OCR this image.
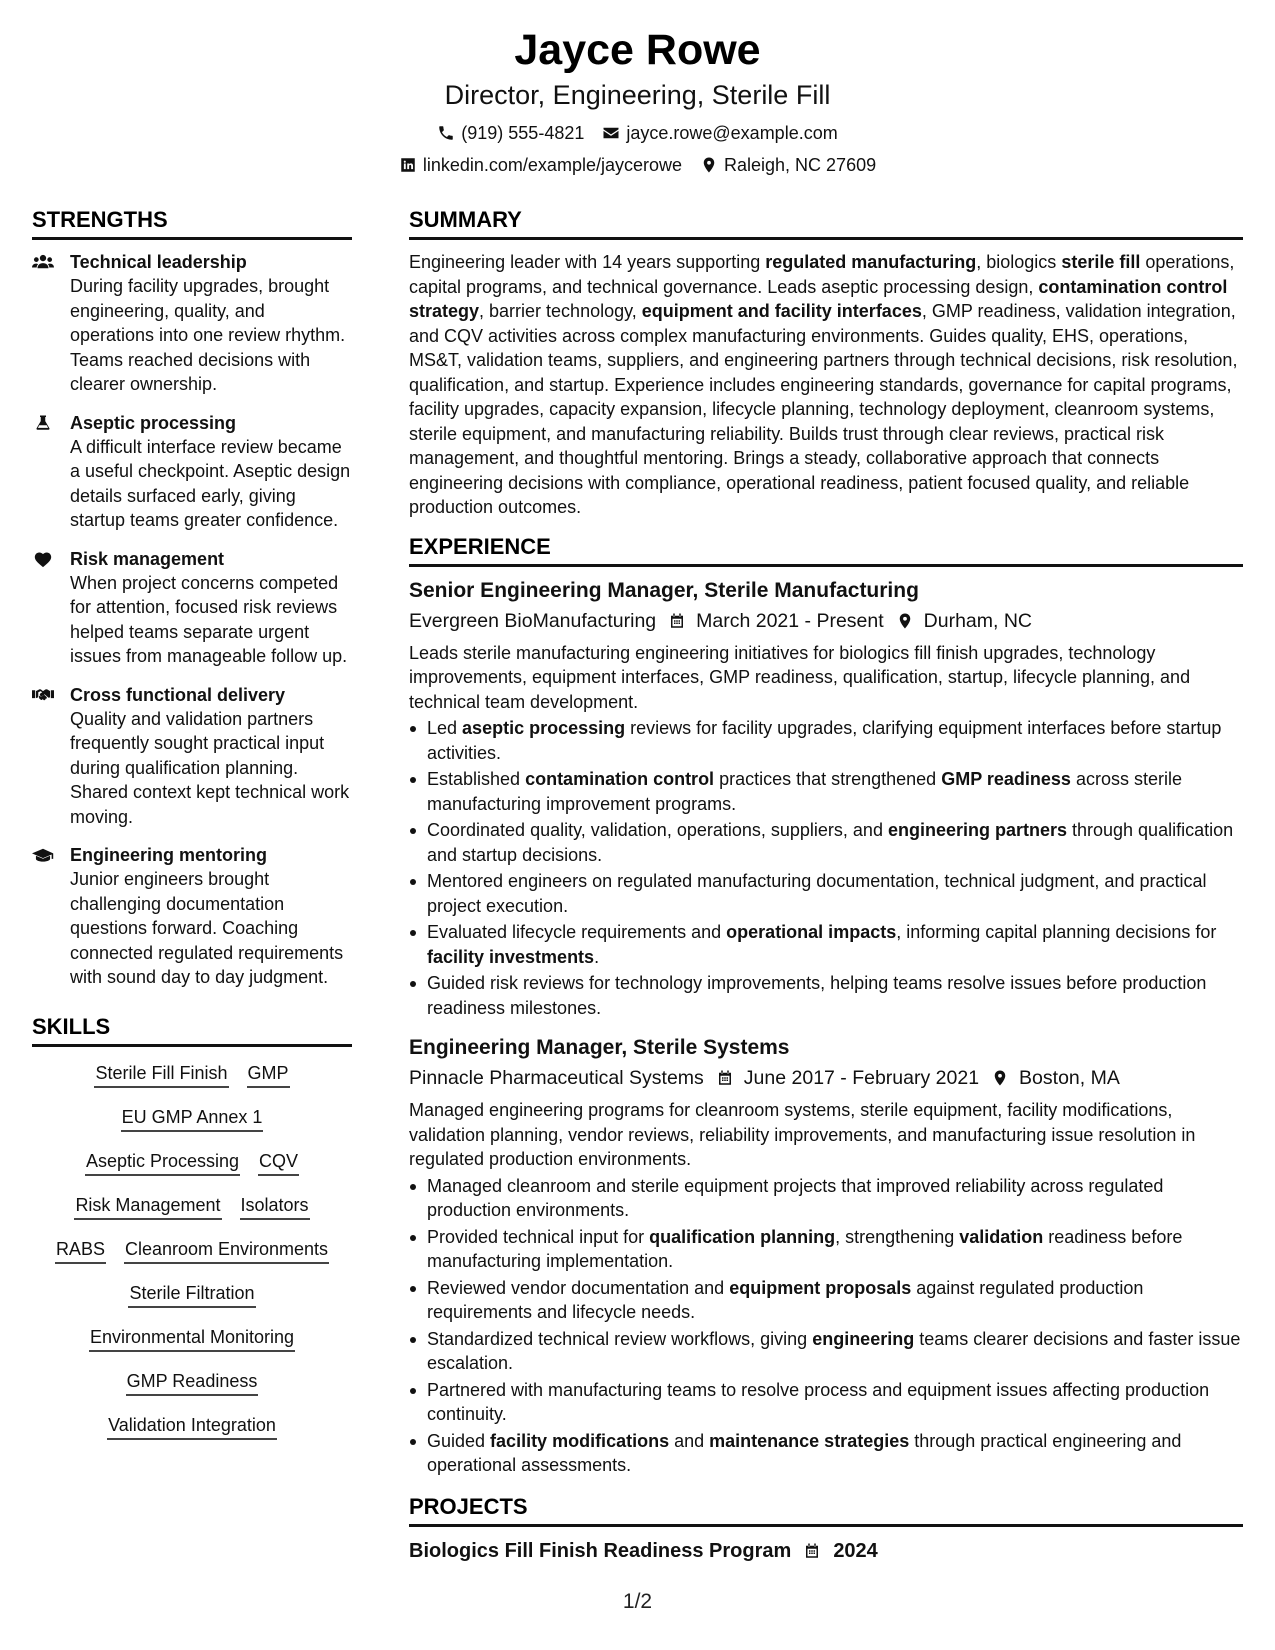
Jayce Rowe
Director, Engineering, Sterile Fill
(919) 555-4821 jayce.rowe@example.com
linkedin.com/example/jaycerowe Raleigh, NC 27609
STRENGTHS
Technical leadership
During facility upgrades, brought engineering, quality, and operations into one review rhythm. Teams reached decisions with clearer ownership.
Aseptic processing
A difficult interface review became a useful checkpoint. Aseptic design details surfaced early, giving startup teams greater confidence.
Risk management
When project concerns competed for attention, focused risk reviews helped teams separate urgent issues from manageable follow up.
Cross functional delivery
Quality and validation partners frequently sought practical input during qualification planning. Shared context kept technical work moving.
Engineering mentoring
Junior engineers brought challenging documentation questions forward. Coaching connected regulated requirements with sound day to day judgment.
SKILLS
Sterile Fill Finish GMP
EU GMP Annex 1
Aseptic Processing CQV
Risk Management Isolators
RABS Cleanroom Environments
Sterile Filtration
Environmental Monitoring
GMP Readiness
Validation Integration
SUMMARY
Engineering leader with 14 years supporting regulated manufacturing, biologics sterile fill operations, capital programs, and technical governance. Leads aseptic processing design, contamination control strategy, barrier technology, equipment and facility interfaces, GMP readiness, validation integration, and CQV activities across complex manufacturing environments. Guides quality, EHS, operations, MS&T, validation teams, suppliers, and engineering partners through technical decisions, risk resolution, qualification, and startup. Experience includes engineering standards, governance for capital programs, facility upgrades, capacity expansion, lifecycle planning, technology deployment, cleanroom systems, sterile equipment, and manufacturing reliability. Builds trust through clear reviews, practical risk management, and thoughtful mentoring. Brings a steady, collaborative approach that connects engineering decisions with compliance, operational readiness, patient focused quality, and reliable production outcomes.
EXPERIENCE
Senior Engineering Manager, Sterile Manufacturing
Evergreen BioManufacturing March 2021 - Present Durham, NC
Leads sterile manufacturing engineering initiatives for biologics fill finish upgrades, technology improvements, equipment interfaces, GMP readiness, qualification, startup, lifecycle planning, and technical team development.
Led aseptic processing reviews for facility upgrades, clarifying equipment interfaces before startup activities.
Established contamination control practices that strengthened GMP readiness across sterile manufacturing improvement programs.
Coordinated quality, validation, operations, suppliers, and engineering partners through qualification and startup decisions.
Mentored engineers on regulated manufacturing documentation, technical judgment, and practical project execution.
Evaluated lifecycle requirements and operational impacts, informing capital planning decisions for facility investments.
Guided risk reviews for technology improvements, helping teams resolve issues before production readiness milestones.
Engineering Manager, Sterile Systems
Pinnacle Pharmaceutical Systems June 2017 - February 2021 Boston, MA
Managed engineering programs for cleanroom systems, sterile equipment, facility modifications, validation planning, vendor reviews, reliability improvements, and manufacturing issue resolution in regulated production environments.
Managed cleanroom and sterile equipment projects that improved reliability across regulated production environments.
Provided technical input for qualification planning, strengthening validation readiness before manufacturing implementation.
Reviewed vendor documentation and equipment proposals against regulated production requirements and lifecycle needs.
Standardized technical review workflows, giving engineering teams clearer decisions and faster issue escalation.
Partnered with manufacturing teams to resolve process and equipment issues affecting production continuity.
Guided facility modifications and maintenance strategies through practical engineering and operational assessments.
PROJECTS
Biologics Fill Finish Readiness Program 2024
1/2
